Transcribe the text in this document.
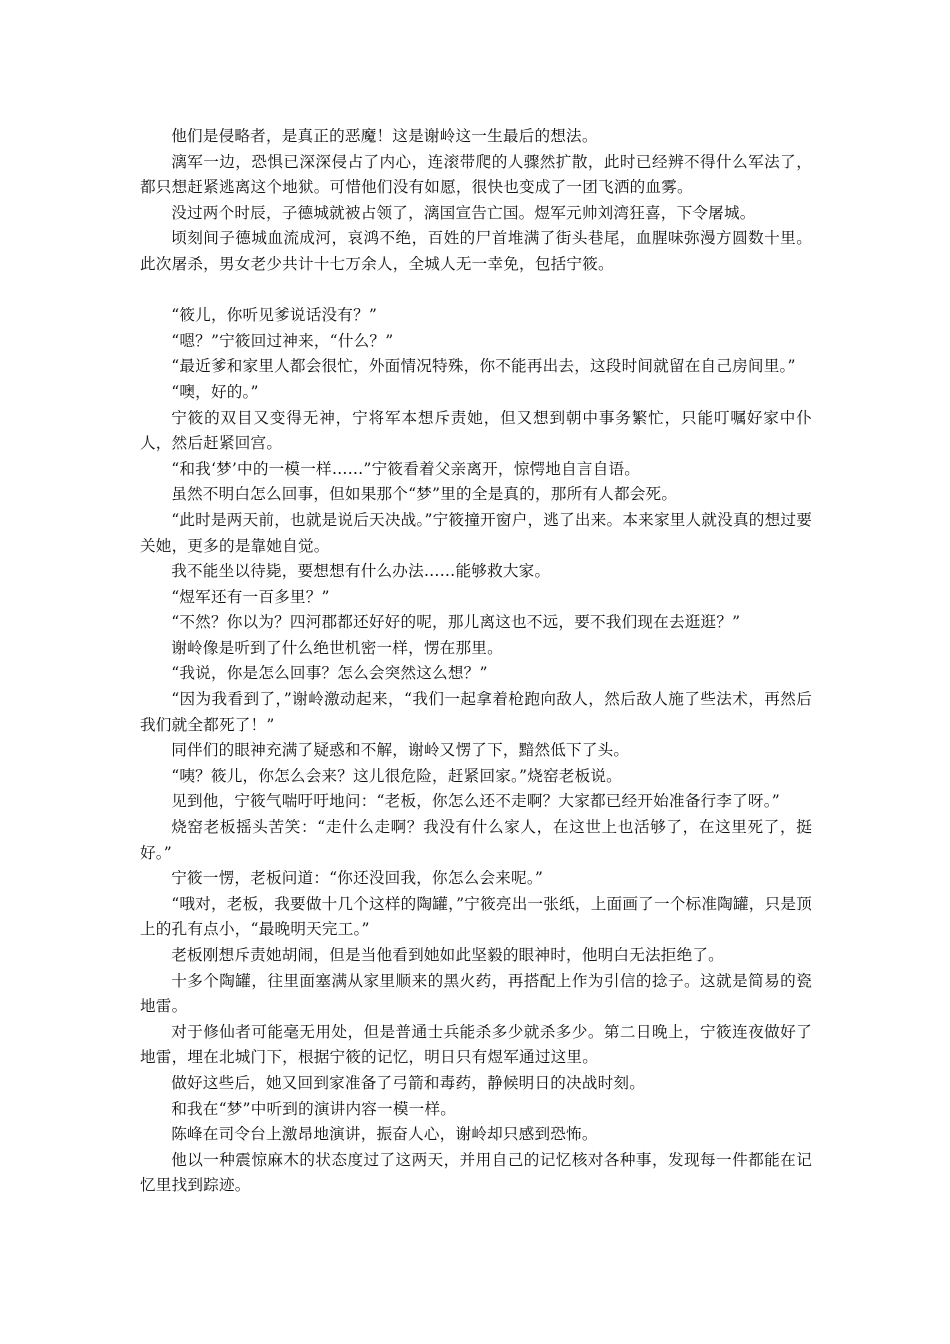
他们是侵略者，是真正的恶魔！这是谢岭这一生最后的想法。

漓军一边，恐惧已深深侵占了内心，连滚带爬的人骤然扩散，此时已经辨不得什么军法了，都只想赶紧逃离这个地狱。可惜他们没有如愿，很快也变成了一团飞洒的血雾。

没过两个时辰，子德城就被占领了，漓国宣告亡国。煜军元帅刘湾狂喜，下令屠城。

顷刻间子德城血流成河，哀鸿不绝，百姓的尸首堆满了街头巷尾，血腥味弥漫方圆数十里。此次屠杀，男女老少共计十七万余人，全城人无一幸免，包括宁筱。

“筱儿，你听见爹说话没有？”

“嗯？”宁筱回过神来，“什么？”

“最近爹和家里人都会很忙，外面情况特殊，你不能再出去，这段时间就留在自己房间里。”

“噢，好的。”

宁筱的双目又变得无神，宁将军本想斥责她，但又想到朝中事务繁忙，只能叮嘱好家中仆人，然后赶紧回宫。

“和我‘梦’中的一模一样……”宁筱看着父亲离开，惊愕地自言自语。

虽然不明白怎么回事，但如果那个“梦”里的全是真的，那所有人都会死。

“此时是两天前，也就是说后天决战。”宁筱撞开窗户，逃了出来。本来家里人就没真的想过要关她，更多的是靠她自觉。

我不能坐以待毙，要想想有什么办法……能够救大家。

“煜军还有一百多里？”

“不然？你以为？四河郡都还好好的呢，那儿离这也不远，要不我们现在去逛逛？”

谢岭像是听到了什么绝世机密一样，愣在那里。

“我说，你是怎么回事？怎么会突然这么想？”

“因为我看到了，”谢岭激动起来，“我们一起拿着枪跑向敌人，然后敌人施了些法术，再然后我们就全都死了！”

同伴们的眼神充满了疑惑和不解，谢岭又愣了下，黯然低下了头。

“咦？筱儿，你怎么会来？这儿很危险，赶紧回家。”烧窑老板说。

见到他，宁筱气喘吁吁地问：“老板，你怎么还不走啊？大家都已经开始准备行李了呀。”

烧窑老板摇头苦笑：“走什么走啊？我没有什么家人，在这世上也活够了，在这里死了，挺好。”

宁筱一愣，老板问道：“你还没回我，你怎么会来呢。”

“哦对，老板，我要做十几个这样的陶罐，”宁筱亮出一张纸，上面画了一个标准陶罐，只是顶上的孔有点小，“最晚明天完工。”

老板刚想斥责她胡闹，但是当他看到她如此坚毅的眼神时，他明白无法拒绝了。

十多个陶罐，往里面塞满从家里顺来的黑火药，再搭配上作为引信的捻子。这就是简易的瓷地雷。

对于修仙者可能毫无用处，但是普通士兵能杀多少就杀多少。第二日晚上，宁筱连夜做好了地雷，埋在北城门下，根据宁筱的记忆，明日只有煜军通过这里。

做好这些后，她又回到家准备了弓箭和毒药，静候明日的决战时刻。

和我在“梦”中听到的演讲内容一模一样。

陈峰在司令台上激昂地演讲，振奋人心，谢岭却只感到恐怖。

他以一种震惊麻木的状态度过了这两天，并用自己的记忆核对各种事，发现每一件都能在记忆里找到踪迹。
